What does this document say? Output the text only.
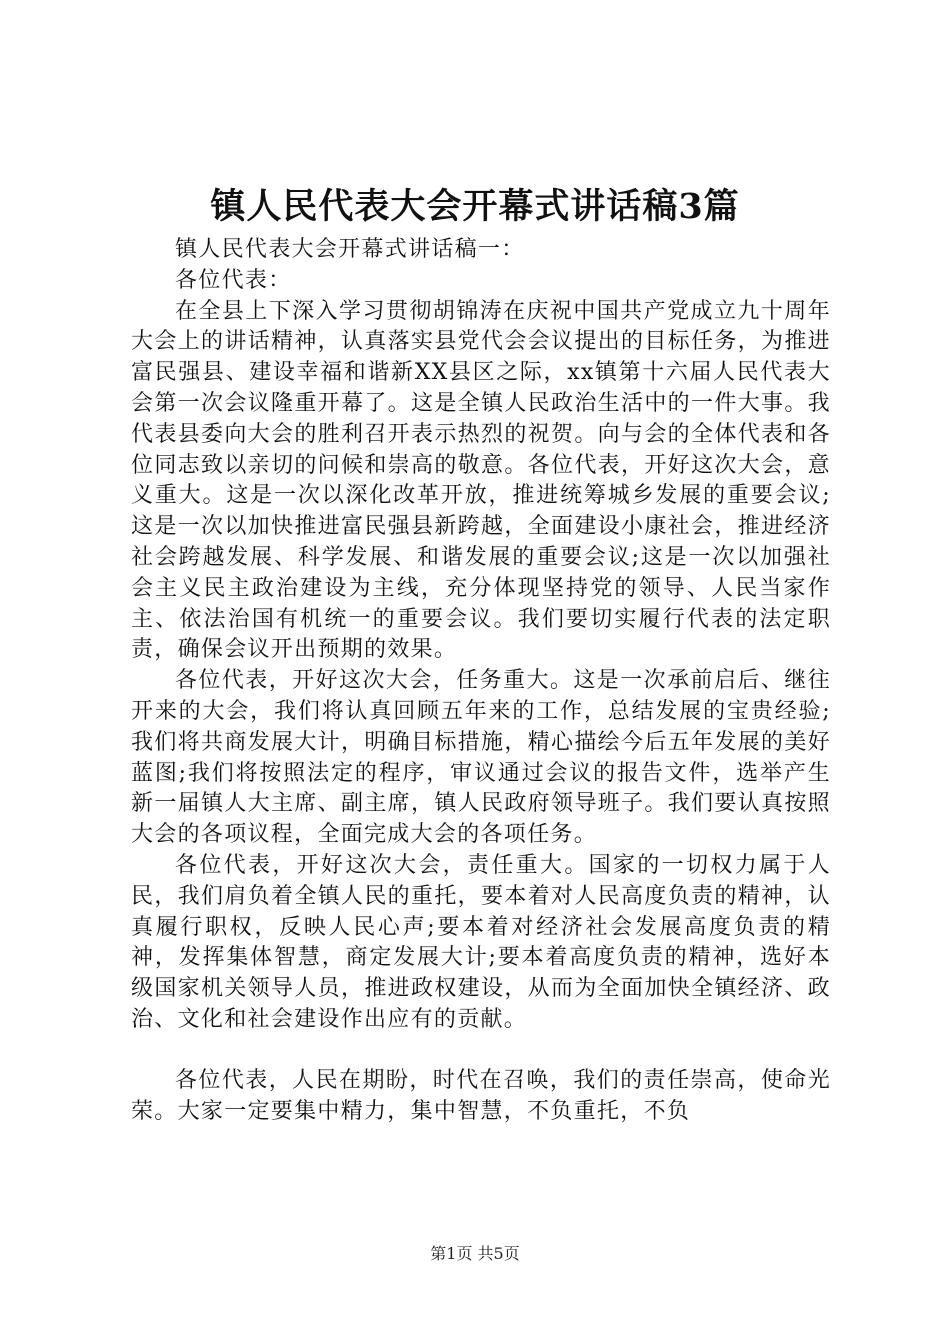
镇人民代表大会开幕式讲话稿3篇

镇人民代表大会开幕式讲话稿一：

各位代表：

在全县上下深入学习贯彻胡锦涛在庆祝中国共产党成立九十周年大会上的讲话精神，认真落实县党代会会议提出的目标任务，为推进富民强县、建设幸福和谐新XX县区之际，xx镇第十六届人民代表大会第一次会议隆重开幕了。这是全镇人民政治生活中的一件大事。我代表县委向大会的胜利召开表示热烈的祝贺。向与会的全体代表和各位同志致以亲切的问候和崇高的敬意。各位代表，开好这次大会，意义重大。这是一次以深化改革开放，推进统筹城乡发展的重要会议;这是一次以加快推进富民强县新跨越，全面建设小康社会，推进经济社会跨越发展、科学发展、和谐发展的重要会议;这是一次以加强社会主义民主政治建设为主线，充分体现坚持党的领导、人民当家作主、依法治国有机统一的重要会议。我们要切实履行代表的法定职责，确保会议开出预期的效果。

各位代表，开好这次大会，任务重大。这是一次承前启后、继往开来的大会，我们将认真回顾五年来的工作，总结发展的宝贵经验;我们将共商发展大计，明确目标措施，精心描绘今后五年发展的美好蓝图;我们将按照法定的程序，审议通过会议的报告文件，选举产生新一届镇人大主席、副主席，镇人民政府领导班子。我们要认真按照大会的各项议程，全面完成大会的各项任务。

各位代表，开好这次大会，责任重大。国家的一切权力属于人民，我们肩负着全镇人民的重托，要本着对人民高度负责的精神，认真履行职权，反映人民心声;要本着对经济社会发展高度负责的精神，发挥集体智慧，商定发展大计;要本着高度负责的精神，选好本级国家机关领导人员，推进政权建设，从而为全面加快全镇经济、政治、文化和社会建设作出应有的贡献。

各位代表，人民在期盼，时代在召唤，我们的责任崇高，使命光荣。大家一定要集中精力，集中智慧，不负重托，不负

第1页 共5页
